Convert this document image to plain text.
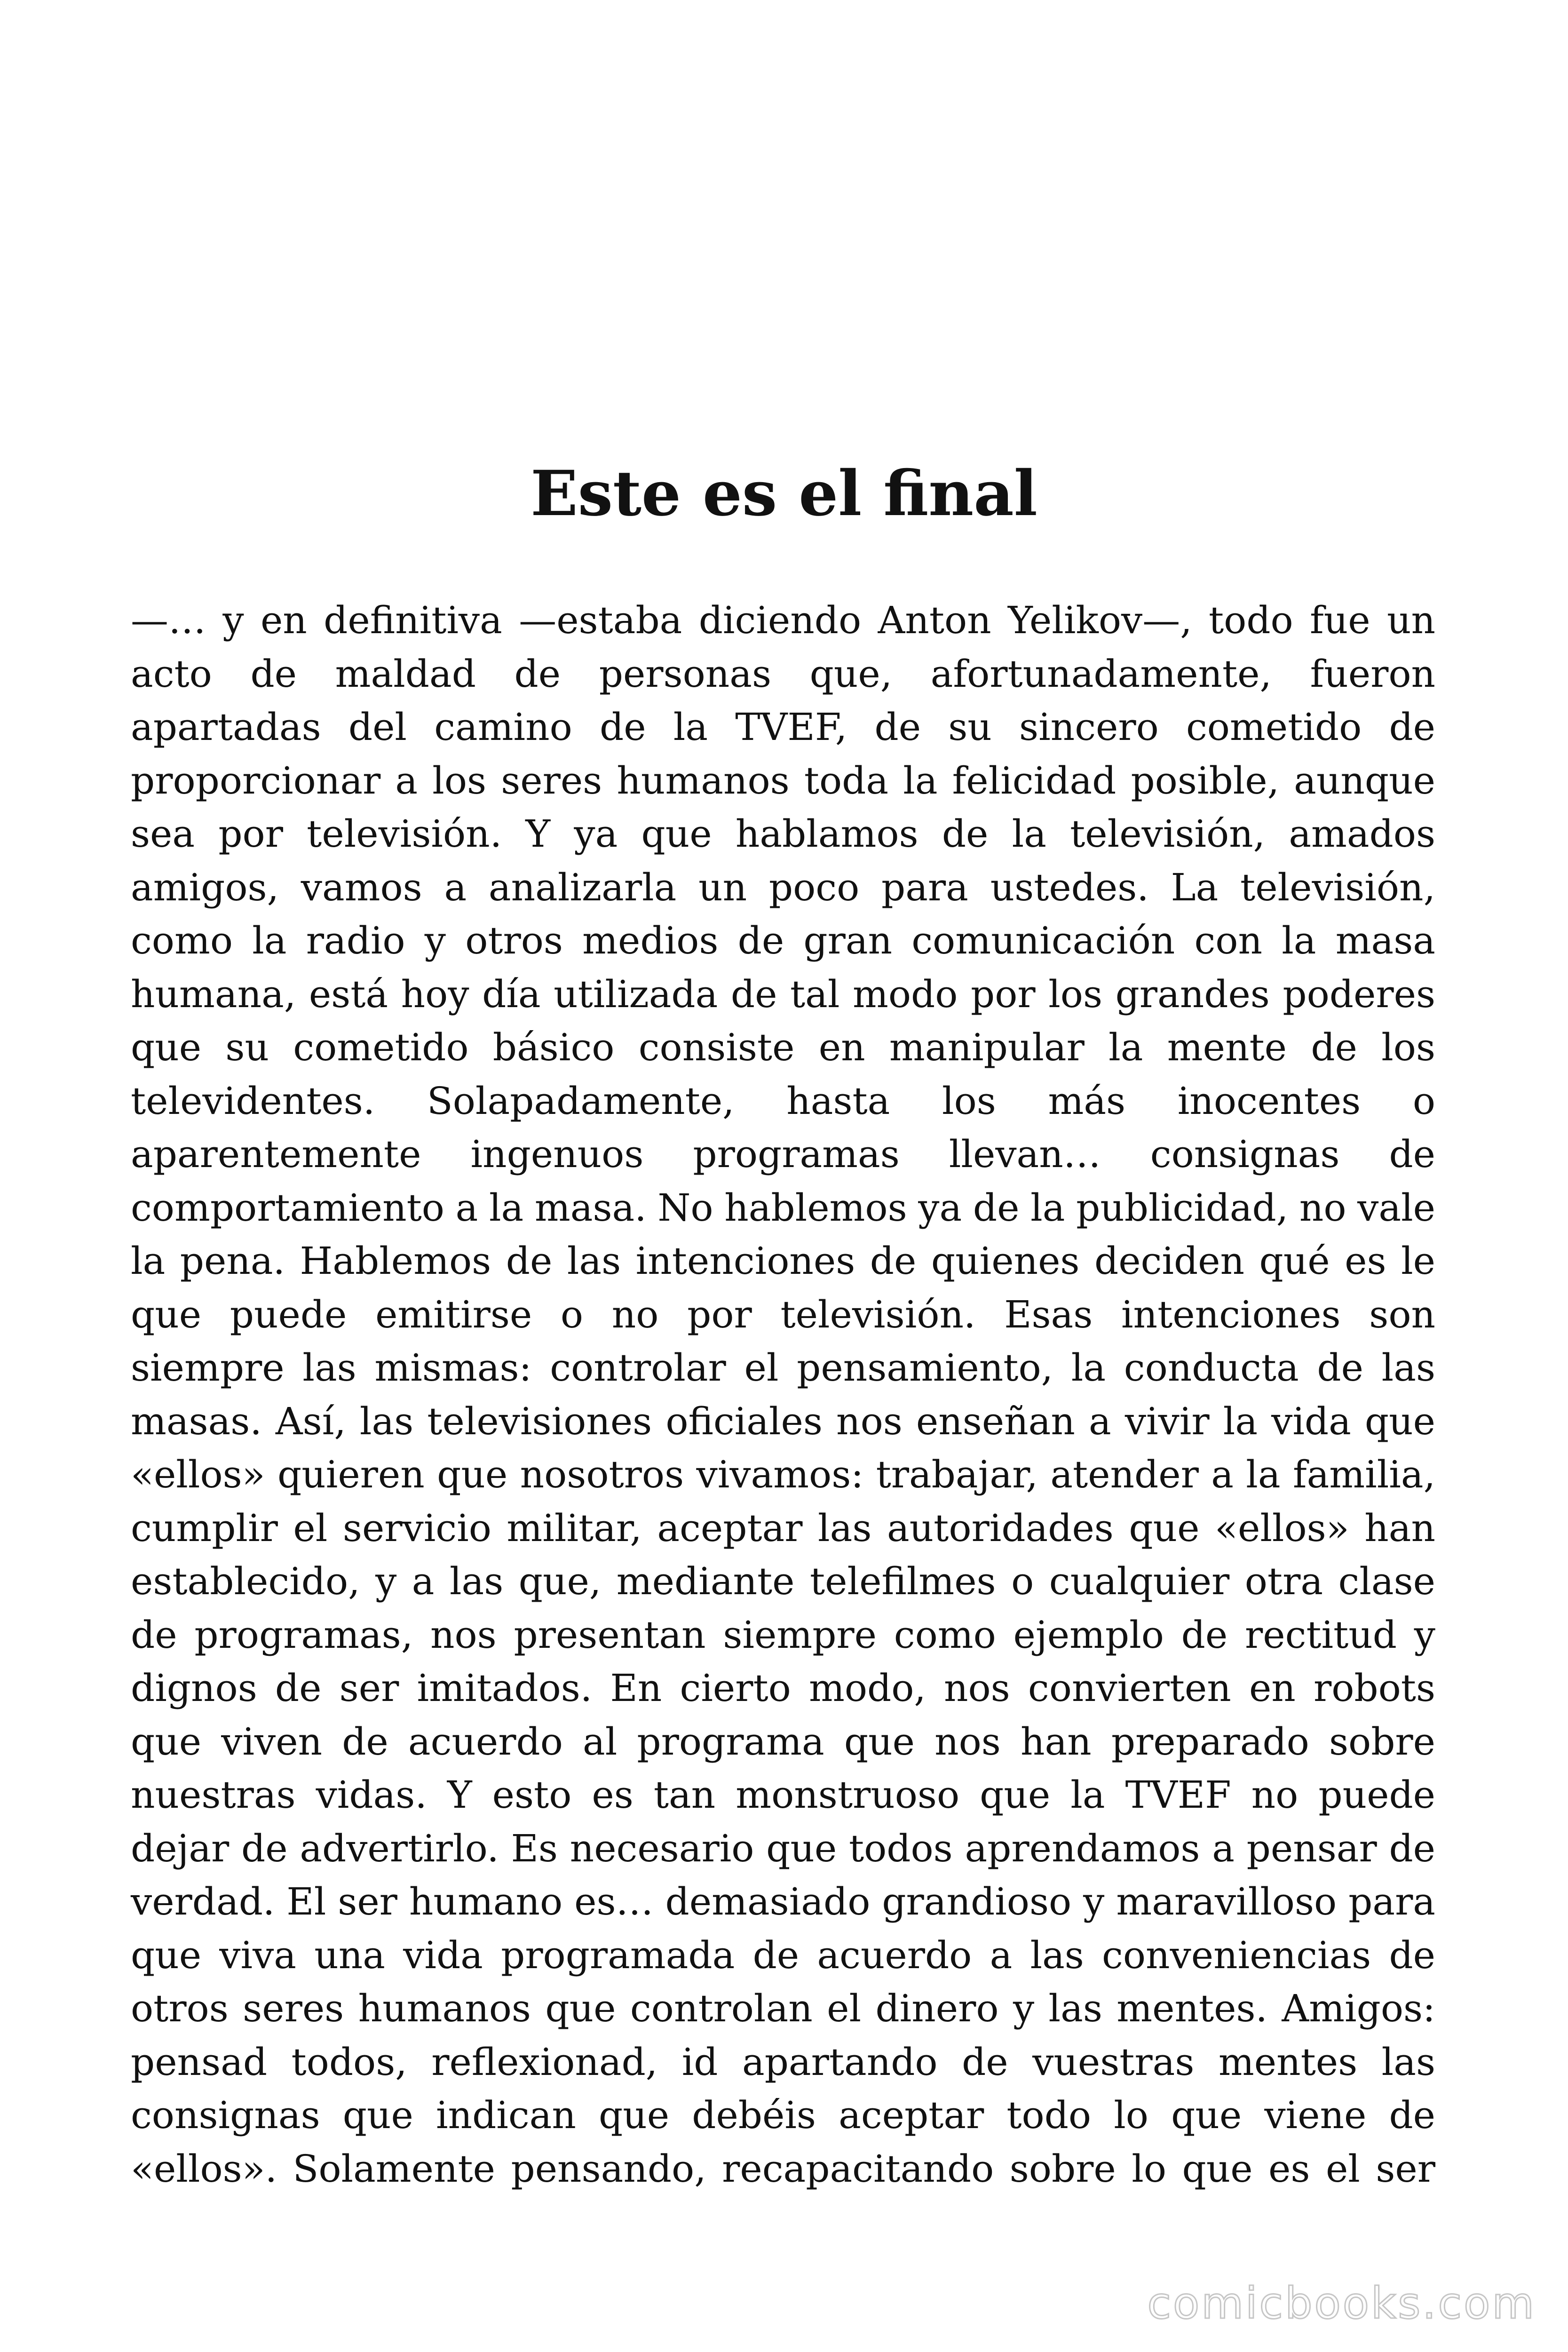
Este es el final

—… y en definitiva —estaba diciendo Anton Yelikov—, todo fue un acto de maldad de personas que, afortunadamente, fueron apartadas del camino de la TVEF, de su sincero cometido de proporcionar a los seres humanos toda la felicidad posible, aunque sea por televisión. Y ya que hablamos de la televisión, amados amigos, vamos a analizarla un poco para ustedes. La televisión, como la radio y otros medios de gran comunicación con la masa humana, está hoy día utilizada de tal modo por los grandes poderes que su cometido básico consiste en manipular la mente de los televidentes. Solapadamente, hasta los más inocentes o aparentemente ingenuos programas llevan… consignas de comportamiento a la masa. No hablemos ya de la publicidad, no vale la pena. Hablemos de las intenciones de quienes deciden qué es le que puede emitirse o no por televisión. Esas intenciones son siempre las mismas: controlar el pensamiento, la conducta de las masas. Así, las televisiones oficiales nos enseñan a vivir la vida que «ellos» quieren que nosotros vivamos: trabajar, atender a la familia, cumplir el servicio militar, aceptar las autoridades que «ellos» han establecido, y a las que, mediante telefilmes o cualquier otra clase de programas, nos presentan siempre como ejemplo de rectitud y dignos de ser imitados. En cierto modo, nos convierten en robots que viven de acuerdo al programa que nos han preparado sobre nuestras vidas. Y esto es tan monstruoso que la TVEF no puede dejar de advertirlo. Es necesario que todos aprendamos a pensar de verdad. El ser humano es… demasiado grandioso y maravilloso para que viva una vida programada de acuerdo a las conveniencias de otros seres humanos que controlan el dinero y las mentes. Amigos: pensad todos, reflexionad, id apartando de vuestras mentes las consignas que indican que debéis aceptar todo lo que viene de «ellos». Solamente pensando, recapacitando sobre lo que es el ser

comicbooks.com
